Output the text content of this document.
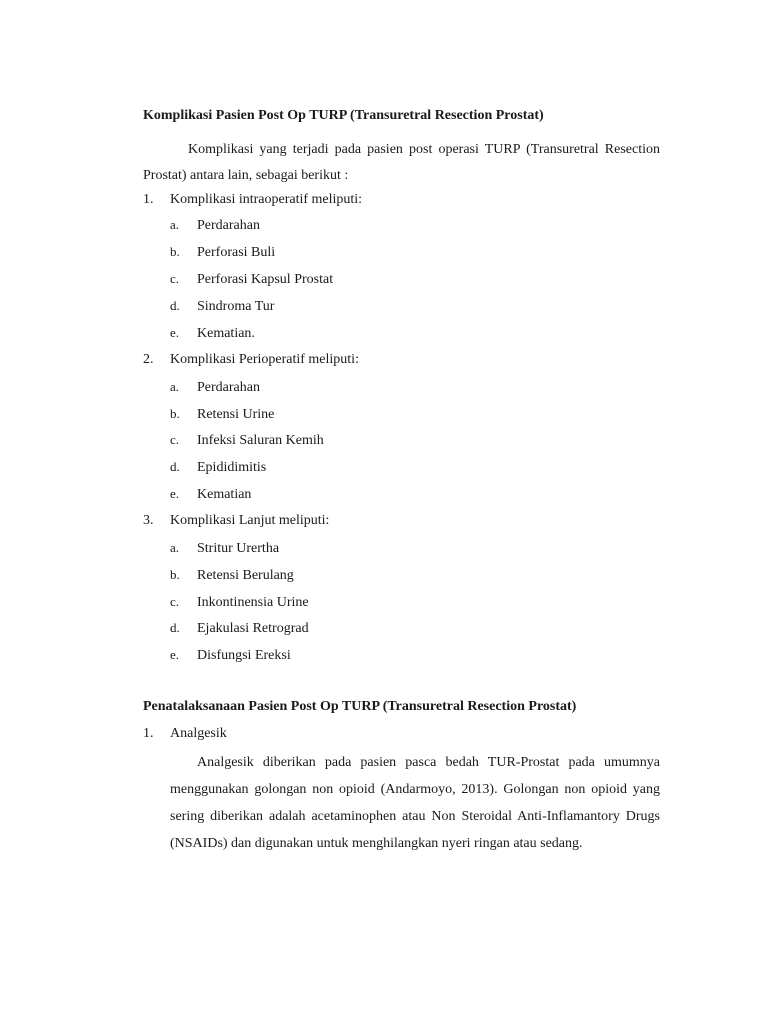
Komplikasi Pasien Post Op TURP (Transuretral Resection Prostat)

Komplikasi yang terjadi pada pasien post operasi TURP (Transuretral Resection Prostat) antara lain, sebagai berikut :

1. Komplikasi intraoperatif meliputi:
a. Perdarahan
b. Perforasi Buli
c. Perforasi Kapsul Prostat
d. Sindroma Tur
e. Kematian.
2. Komplikasi Perioperatif meliputi:
a. Perdarahan
b. Retensi Urine
c. Infeksi Saluran Kemih
d. Epididimitis
e. Kematian
3. Komplikasi Lanjut meliputi:
a. Stritur Urertha
b. Retensi Berulang
c. Inkontinensia Urine
d. Ejakulasi Retrograd
e. Disfungsi Ereksi
Penatalaksanaan Pasien Post Op TURP (Transuretral Resection Prostat)
1. Analgesik

Analgesik diberikan pada pasien pasca bedah TUR-Prostat pada umumnya menggunakan golongan non opioid (Andarmoyo, 2013). Golongan non opioid yang sering diberikan adalah acetaminophen atau Non Steroidal Anti-Inflamantory Drugs (NSAIDs) dan digunakan untuk menghilangkan nyeri ringan atau sedang.
